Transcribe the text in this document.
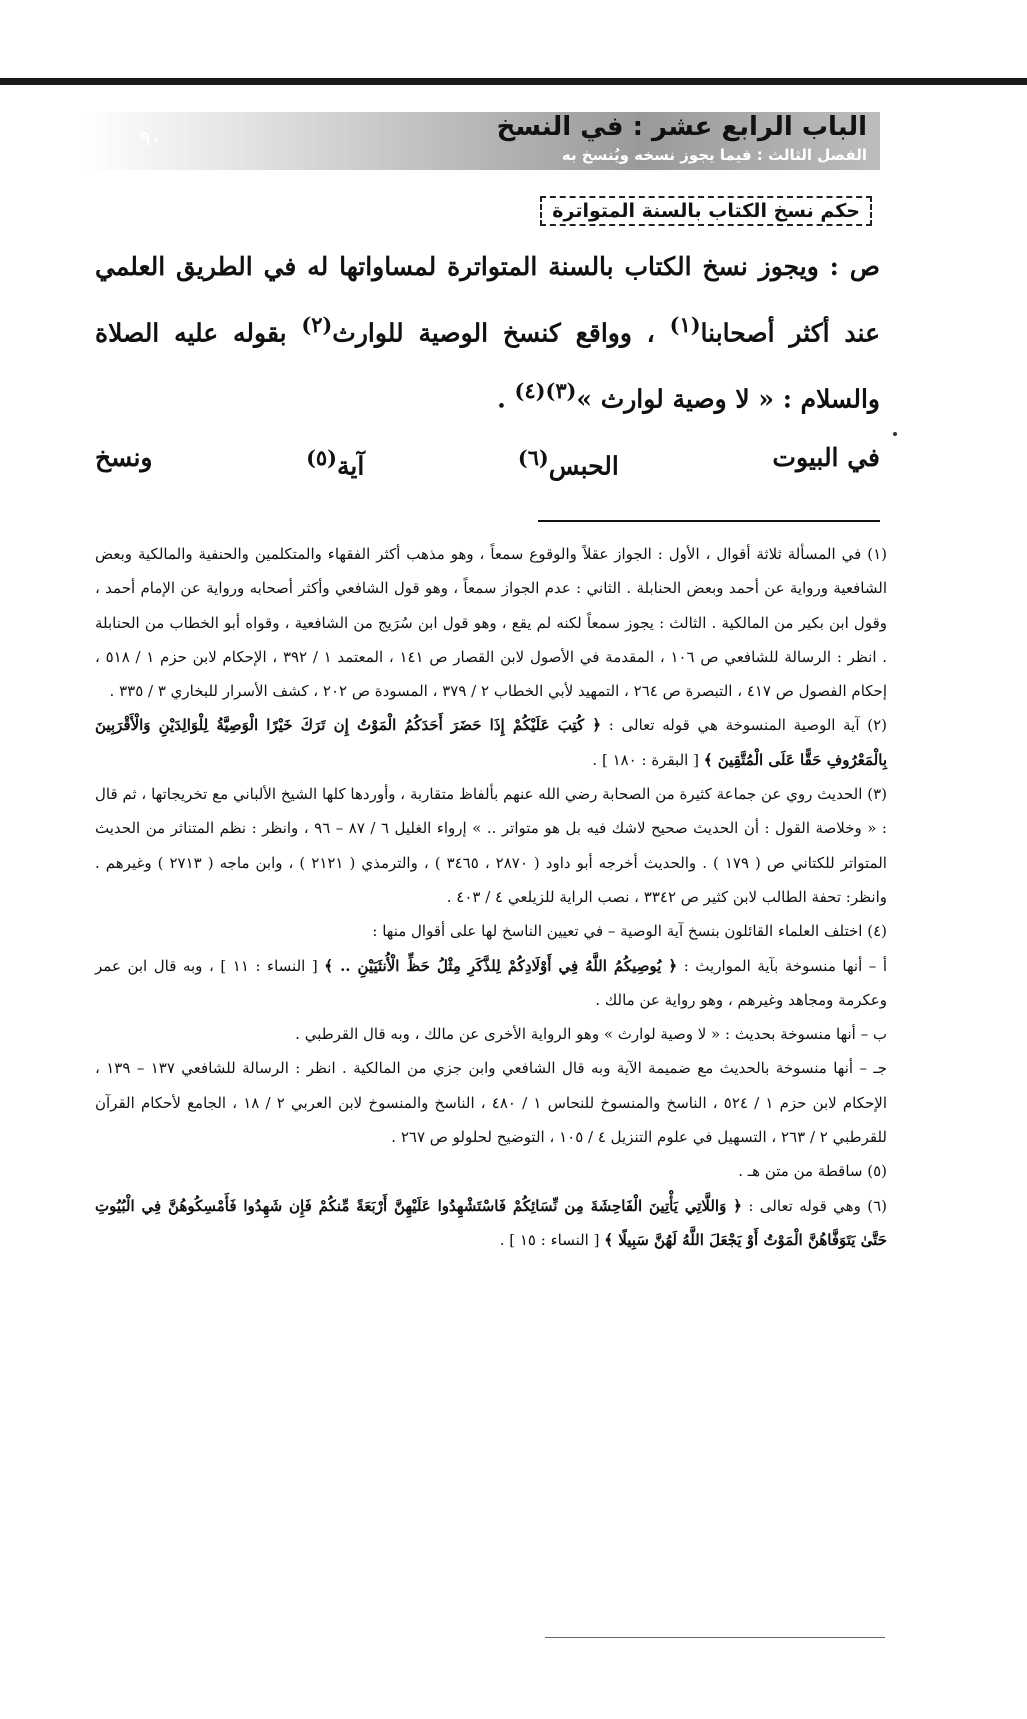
٩٠	الباب الرابع عشر : في النسخ
الفصل الثالث : فيما يجوز نسخه ويُنسخ به
حكم نسخ الكتاب بالسنة المتواترة

ص : ويجوز نسخ الكتاب بالسنة المتواترة لمساواتها له في الطريق العلمي عند أكثر أصحابنا$^{(١)}$ ، وواقع كنسخ الوصية للوارث$^{(٢)}$ بقوله عليه الصلاة والسلام : « لا وصية لوارث »$^{(٣)(٤)}$ .

ونسخ	آية$^{(٥)}$	الحبس$^{(٦)}$	في البيوت

(١) في المسألة ثلاثة أقوال ، الأول : الجواز عقلاً والوقوع سمعاً ، وهو مذهب أكثر الفقهاء والمتكلمين والحنفية والمالكية وبعض الشافعية ورواية عن أحمد وبعض الحنابلة . الثاني : عدم الجواز سمعاً ، وهو قول الشافعي وأكثر أصحابه ورواية عن الإمام أحمد ، وقول ابن بكير من المالكية . الثالث : يجوز سمعاً لكنه لم يقع ، وهو قول ابن سُرَيج من الشافعية ، وقواه أبو الخطاب من الحنابلة . انظر : الرسالة للشافعي ص ١٠٦ ، المقدمة في الأصول لابن القصار ص ١٤١ ، المعتمد ١ / ٣٩٢ ، الإحكام لابن حزم ١ / ٥١٨ ، إحكام الفصول ص ٤١٧ ، التبصرة ص ٢٦٤ ، التمهيد لأبي الخطاب ٢ / ٣٧٩ ، المسودة ص ٢٠٢ ، كشف الأسرار للبخاري ٣ / ٣٣٥ .

(٢) آية الوصية المنسوخة هي قوله تعالى : ﴿ كُتِبَ عَلَيْكُمْ إِذَا حَضَرَ أَحَدَكُمُ الْمَوْتُ إِن تَرَكَ خَيْرًا الْوَصِيَّةُ لِلْوَالِدَيْنِ وَالْأَقْرَبِينَ بِالْمَعْرُوفِ حَقًّا عَلَى الْمُتَّقِينَ ﴾ [ البقرة : ١٨٠ ] .

(٣) الحديث روي عن جماعة كثيرة من الصحابة رضي الله عنهم بألفاظ متقاربة ، وأوردها كلها الشيخ الألباني مع تخريجاتها ، ثم قال : « وخلاصة القول : أن الحديث صحيح لاشك فيه بل هو متواتر .. » إرواء الغليل ٦ / ٨٧ – ٩٦ ، وانظر : نظم المتناثر من الحديث المتواتر للكتاني ص ( ١٧٩ ) . والحديث أخرجه أبو داود ( ٢٨٧٠ ، ٣٤٦٥ ) ، والترمذي ( ٢١٢١ ) ، وابن ماجه ( ٢٧١٣ ) وغيرهم . وانظر: تحفة الطالب لابن كثير ص ٣٣٤٢ ، نصب الراية للزيلعي ٤ / ٤٠٣ .

(٤) اختلف العلماء القائلون بنسخ آية الوصية – في تعيين الناسخ لها على أقوال منها :

أ – أنها منسوخة بآية المواريث : ﴿ يُوصِيكُمُ اللَّهُ فِي أَوْلَادِكُمْ لِلذَّكَرِ مِثْلُ حَظِّ الْأُنثَيَيْنِ .. ﴾ [ النساء : ١١ ] ، وبه قال ابن عمر وعكرمة ومجاهد وغيرهم ، وهو رواية عن مالك .

ب – أنها منسوخة بحديث : « لا وصية لوارث » وهو الرواية الأخرى عن مالك ، وبه قال القرطبي .

جـ – أنها منسوخة بالحديث مع ضميمة الآية وبه قال الشافعي وابن جزي من المالكية . انظر : الرسالة للشافعي ١٣٧ – ١٣٩ ، الإحكام لابن حزم ١ / ٥٢٤ ، الناسخ والمنسوخ للنحاس ١ / ٤٨٠ ، الناسخ والمنسوخ لابن العربي ٢ / ١٨ ، الجامع لأحكام القرآن للقرطبي ٢ / ٢٦٣ ، التسهيل في علوم التنزيل ٤ / ١٠٥ ، التوضيح لحلولو ص ٢٦٧ .

(٥) ساقطة من متن هـ .

(٦) وهي قوله تعالى : ﴿ وَاللَّاتِي يَأْتِينَ الْفَاحِشَةَ مِن نِّسَائِكُمْ فَاسْتَشْهِدُوا عَلَيْهِنَّ أَرْبَعَةً مِّنكُمْ فَإِن شَهِدُوا فَأَمْسِكُوهُنَّ فِي الْبُيُوتِ حَتَّىٰ يَتَوَفَّاهُنَّ الْمَوْتُ أَوْ يَجْعَلَ اللَّهُ لَهُنَّ سَبِيلًا ﴾ [ النساء : ١٥ ] .
